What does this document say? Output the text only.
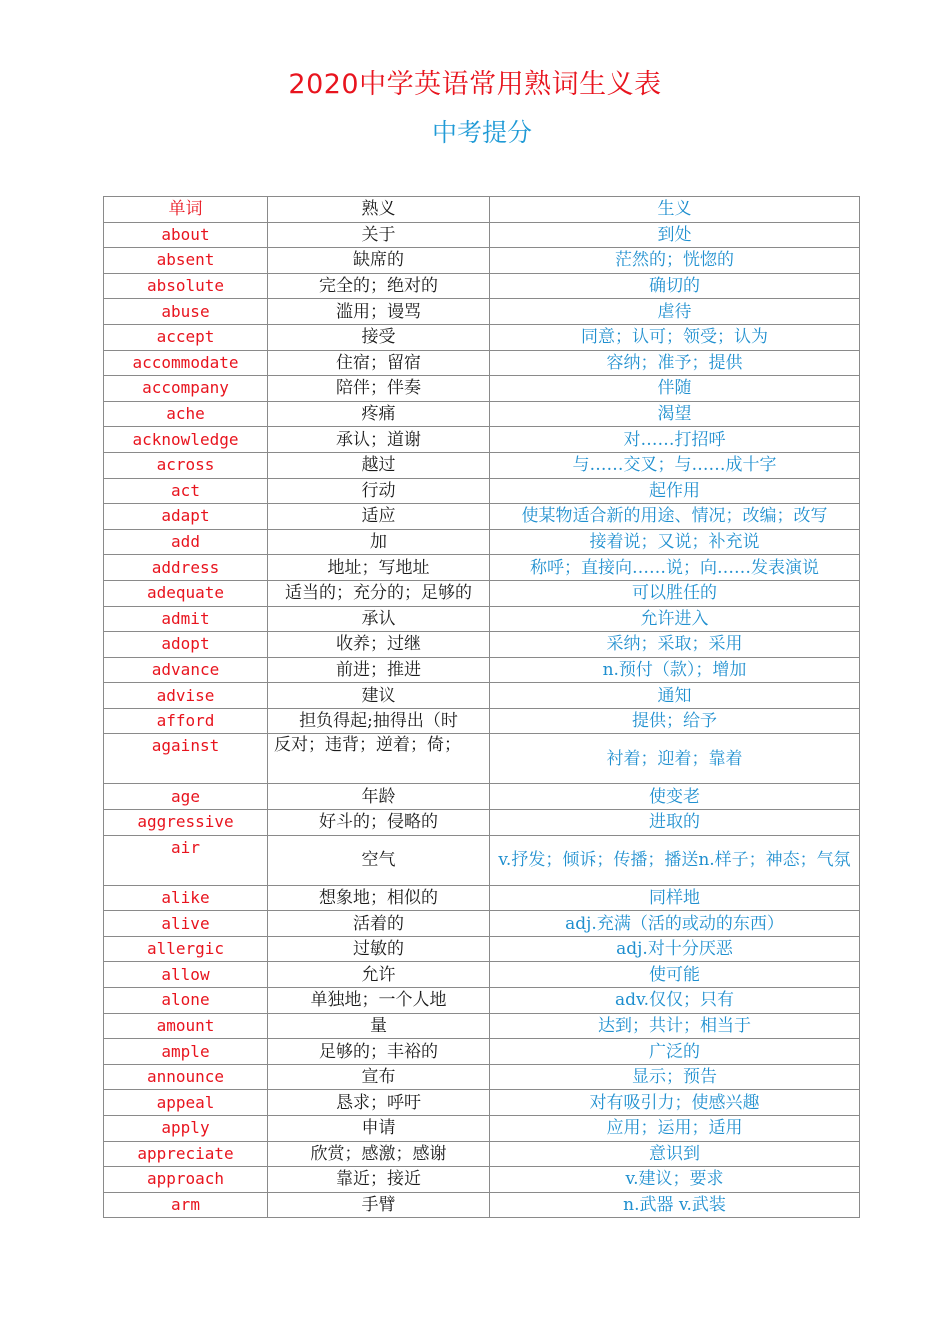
2020中学英语常用熟词生义表
中考提分
单词	熟义	生义
about	关于	到处
absent	缺席的	茫然的；恍惚的
absolute	完全的；绝对的	确切的
abuse	滥用；谩骂	虐待
accept	接受	同意；认可；领受；认为
accommodate	住宿；留宿	容纳；准予；提供
accompany	陪伴；伴奏	伴随
ache	疼痛	渴望
acknowledge	承认；道谢	对……打招呼
across	越过	与……交叉；与……成十字
act	行动	起作用
adapt	适应	使某物适合新的用途、情况；改编；改写
add	加	接着说；又说；补充说
address	地址；写地址	称呼；直接向……说；向……发表演说
adequate	适当的；充分的；足够的	可以胜任的
admit	承认	允许进入
adopt	收养；过继	采纳；采取；采用
advance	前进；推进	n.预付（款）；增加
advise	建议	通知
afford	担负得起;抽得出（时	提供；给予
against	反对；违背；逆着；倚；	衬着；迎着；靠着
age	年龄	使变老
aggressive	好斗的；侵略的	进取的
air	空气	v.抒发；倾诉；传播；播送n.样子；神态；气氛
alike	想象地；相似的	同样地
alive	活着的	adj.充满（活的或动的东西）
allergic	过敏的	adj.对十分厌恶
allow	允许	使可能
alone	单独地；一个人地	adv.仅仅；只有
amount	量	达到；共计；相当于
ample	足够的；丰裕的	广泛的
announce	宣布	显示；预告
appeal	恳求；呼吁	对有吸引力；使感兴趣
apply	申请	应用；运用；适用
appreciate	欣赏；感激；感谢	意识到
approach	靠近；接近	v.建议；要求
arm	手臂	n.武器 v.武装
